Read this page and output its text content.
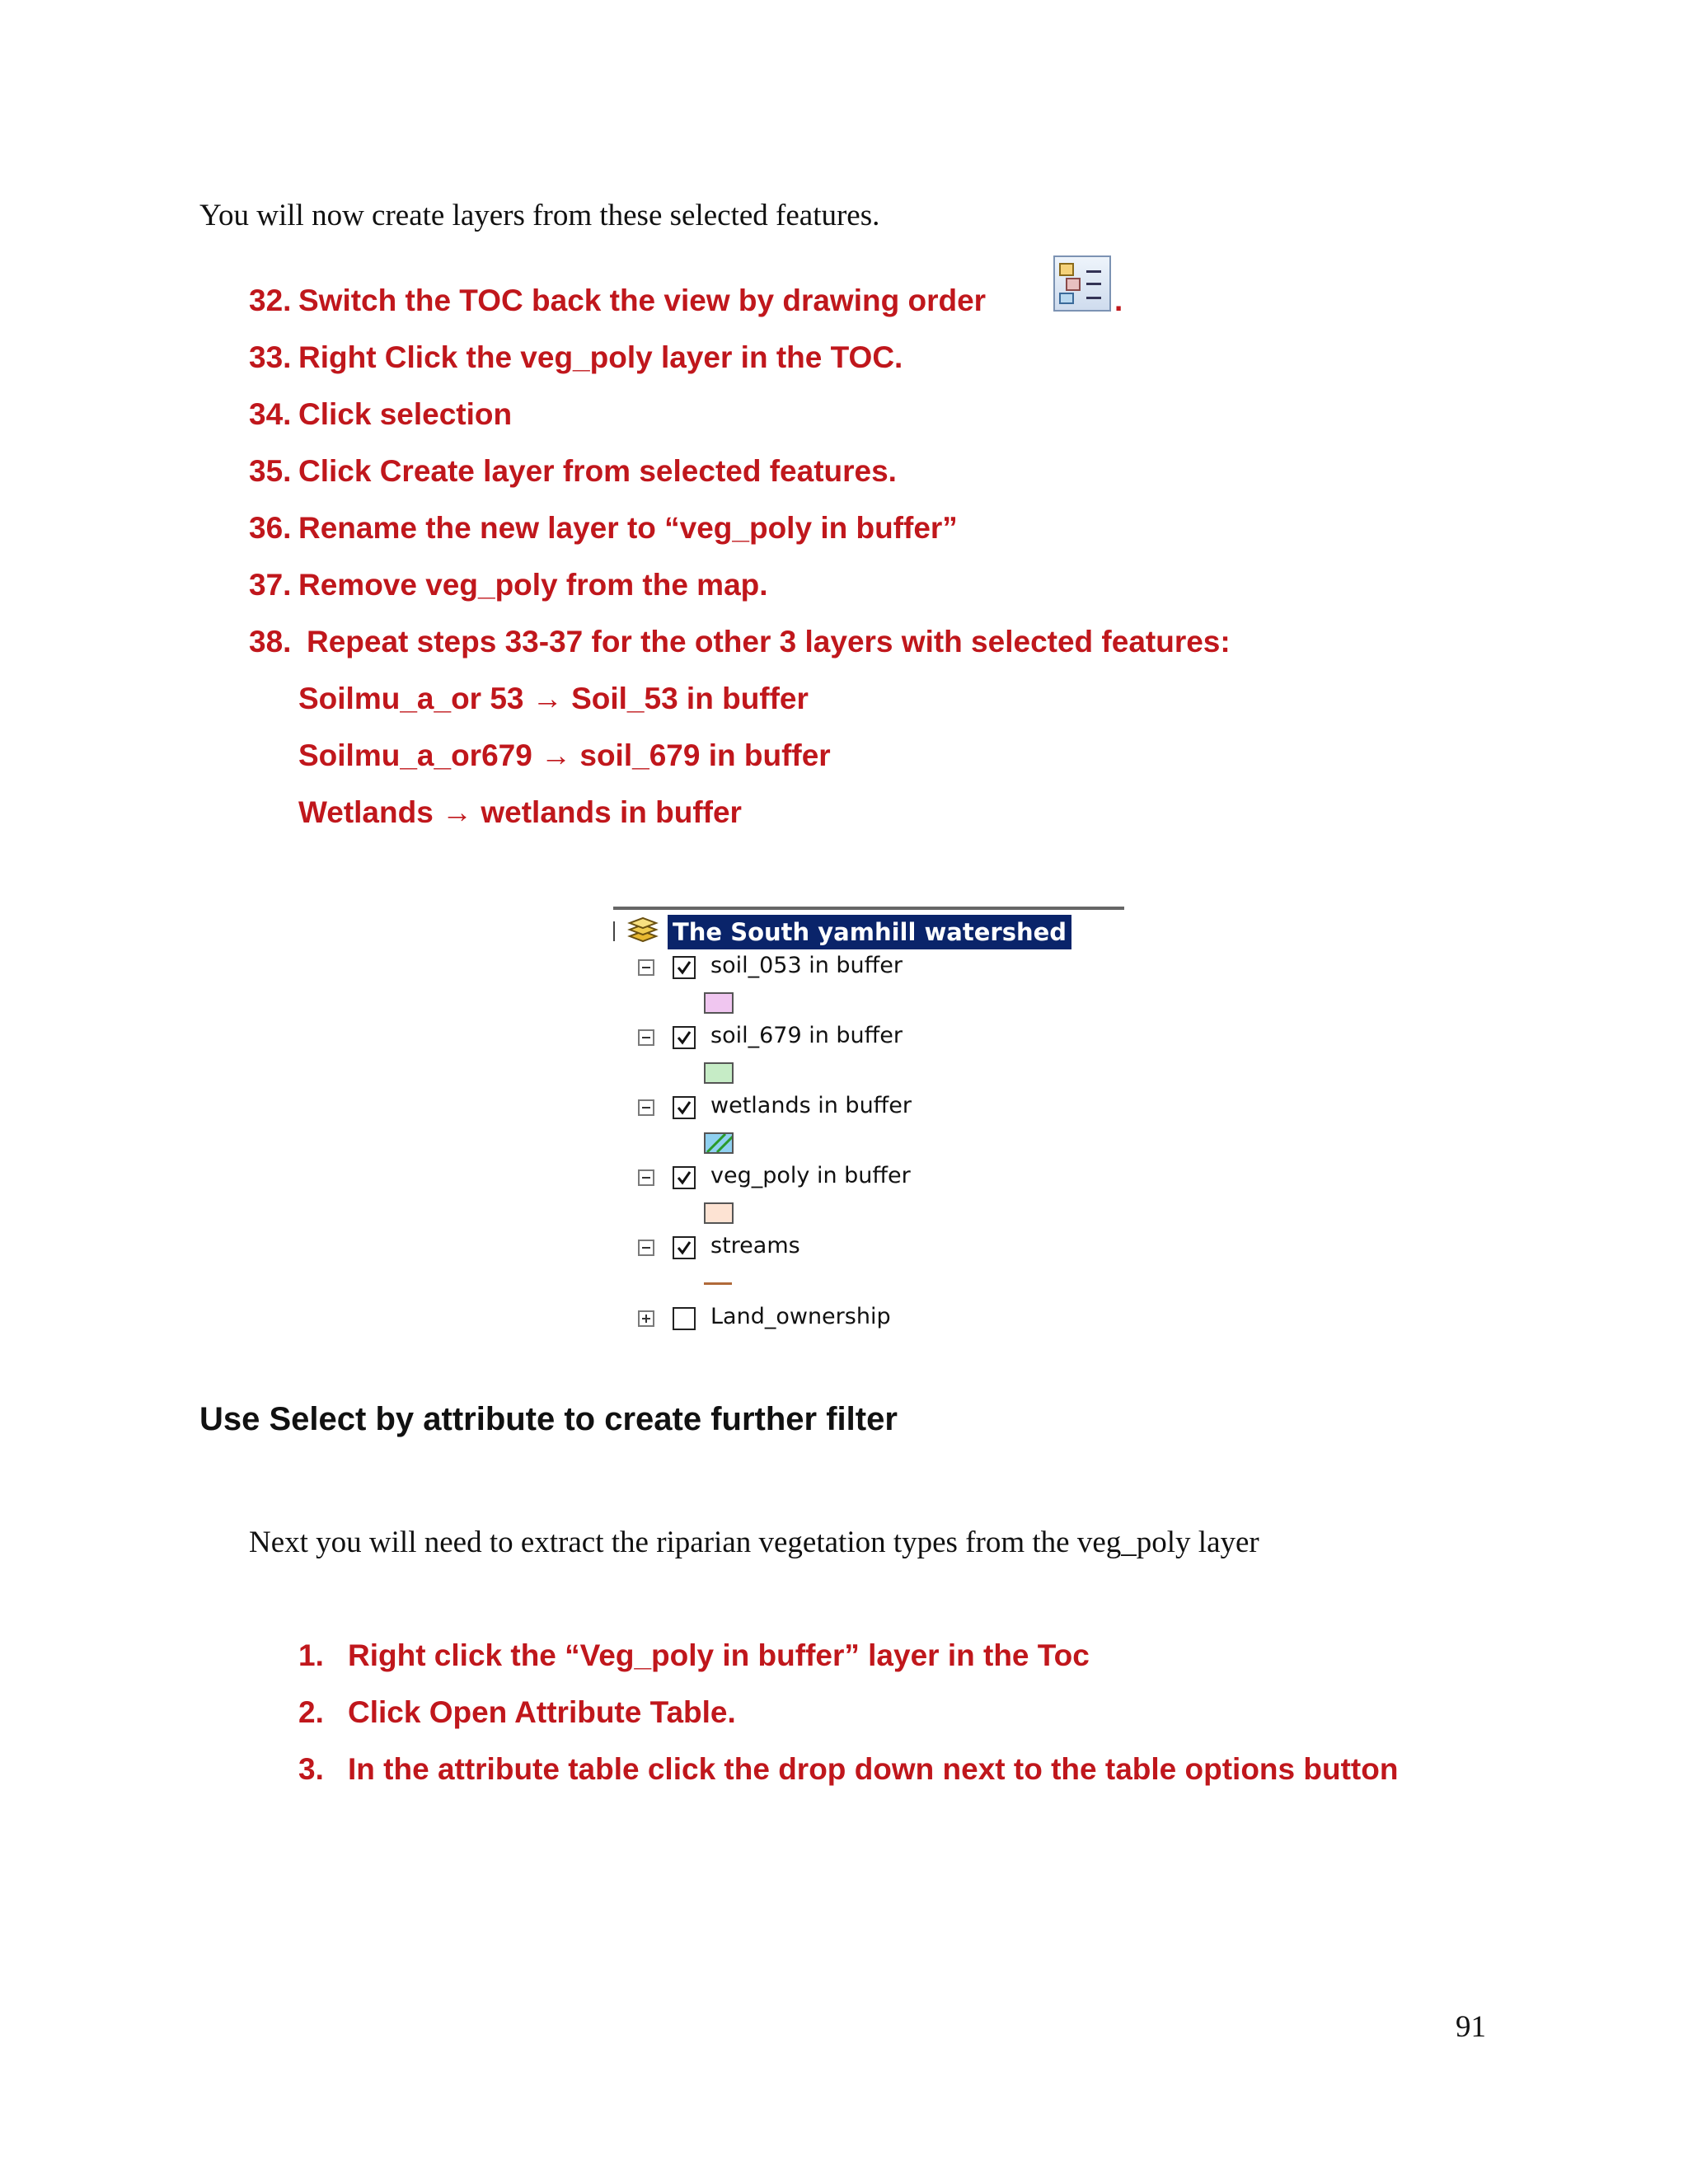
You will now create layers from these selected features.
32. Switch the TOC back the view by drawing order	.
33. Right Click the veg_poly layer in the TOC.
34. Click selection
35. Click Create layer from selected features.
36. Rename the new layer to “veg_poly in buffer”
37. Remove veg_poly from the map.
38. Repeat steps 33-37 for the other 3 layers with selected features:
Soilmu_a_or 53 → Soil_53 in buffer
Soilmu_a_or679 → soil_679 in buffer
Wetlands → wetlands in buffer
The South yamhill watershed
soil_053 in buffer
soil_679 in buffer
wetlands in buffer
veg_poly in buffer
streams
Land_ownership
Use Select by attribute to create further filter
Next you will need to extract the riparian vegetation types from the veg_poly layer
1. Right click the “Veg_poly in buffer” layer in the Toc
2. Click Open Attribute Table.
3. In the attribute table click the drop down next to the table options button
91
